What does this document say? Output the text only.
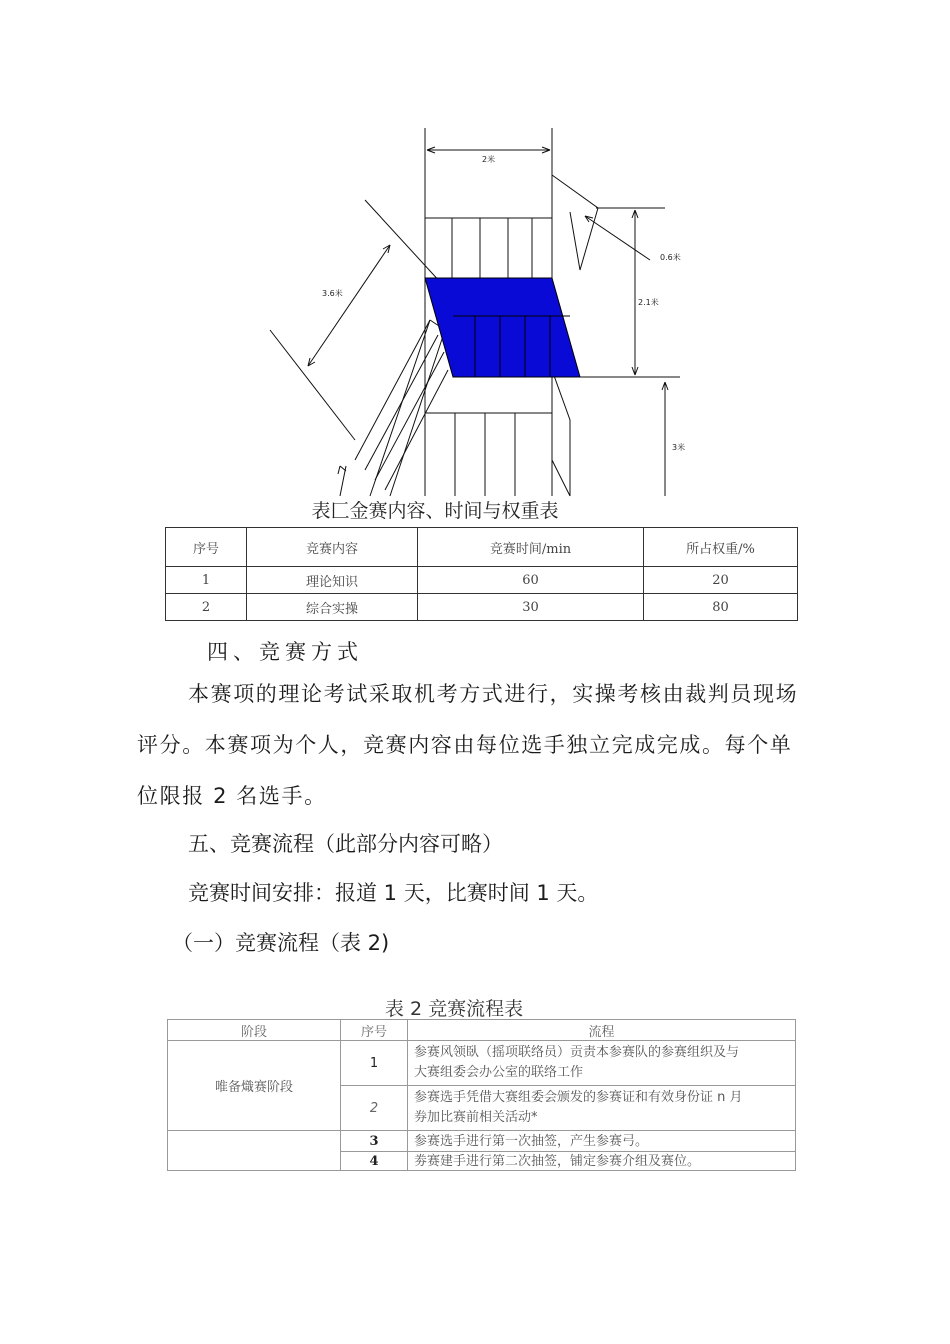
2米
0.6米
2.1米
3.6米
3米
表匚金赛内容、时间与权重表
序号	竞赛内容	竞赛时间/min	所占权重/%
1	理论知识	60	20
2	综合实操	30	80
四、竞赛方式
本赛项的理论考试采取机考方式进行，实操考核由裁判员现场
评分。本赛项为个人，竞赛内容由每位选手独立完成完成。每个单
位限报 2 名选手。
五、竞赛流程（此部分内容可略）
竞赛时间安排：报道 1 天，比赛时间 1 天。
（一）竞赛流程（表 2)
表 2 竞赛流程表
阶段	序号	流程
唯备熾赛阶段	1	参赛风领臥（摇项联络员）贡责本参赛队的参赛组织及与
大赛组委会办公室的联络工作

	2	参赛选手凭借大赛组委会颁发的参赛证和有效身份证 n 月
券加比赛前相关活动*

	3	参赛选手进行第一次抽签，产生参赛弓。
	4	劵赛建手进行第二次抽签，铺定参赛介组及赛位。
